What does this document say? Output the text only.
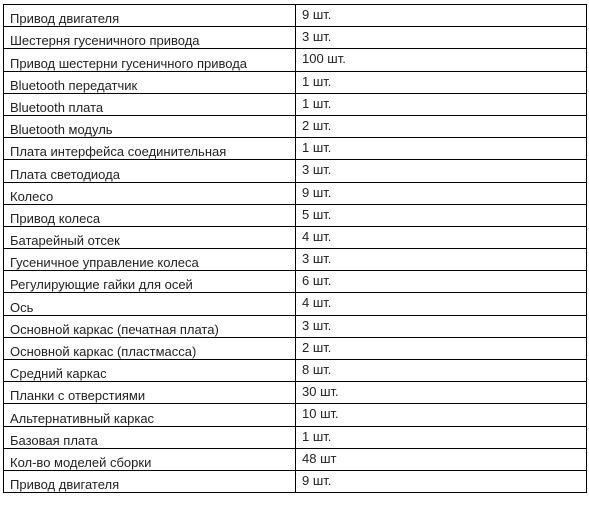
Привод двигателя	9 шт.
Шестерня гусеничного привода	3 шт.
Привод шестерни гусеничного привода	100 шт.
Bluetooth передатчик	1 шт.
Bluetooth плата	1 шт.
Bluetooth модуль	2 шт.
Плата интерфейса соединительная	1 шт.
Плата светодиода	3 шт.
Колесо	9 шт.
Привод колеса	5 шт.
Батарейный отсек	4 шт.
Гусеничное управление колеса	3 шт.
Регулирующие гайки для осей	6 шт.
Ось	4 шт.
Основной каркас (печатная плата)	3 шт.
Основной каркас (пластмасса)	2 шт.
Средний каркас	8 шт.
Планки с отверстиями	30 шт.
Альтернативный каркас	10 шт.
Базовая плата	1 шт.
Кол-во моделей сборки	48 шт
Привод двигателя	9 шт.
